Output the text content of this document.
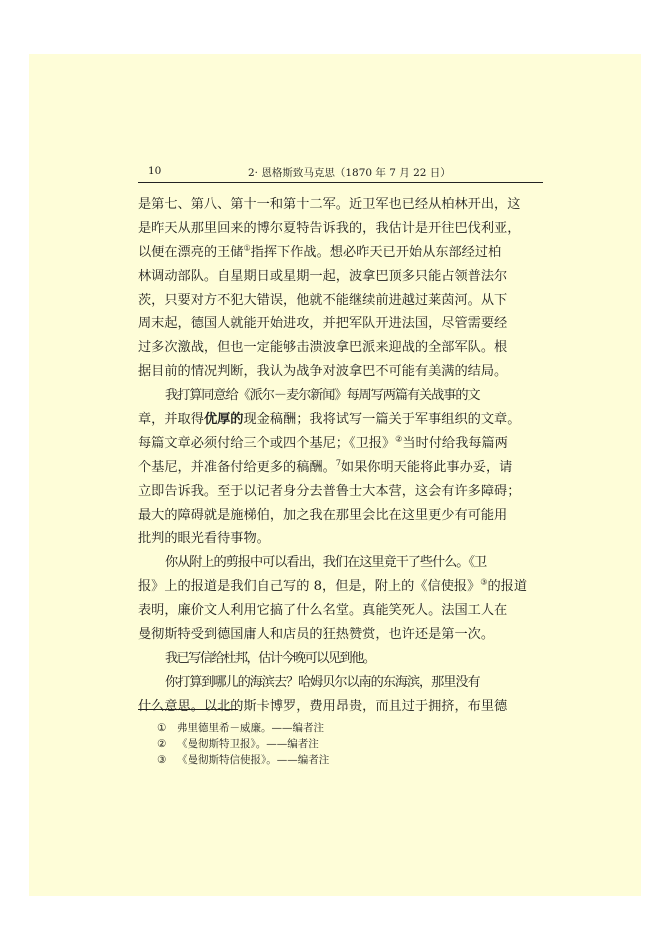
10	2· 恩格斯致马克思（1870 年 7 月 22 日）
是第七、第八、第十一和第十二军。近卫军也已经从柏林开出，这
是昨天从那里回来的博尔夏特告诉我的，我估计是开往巴伐利亚，
以便在漂亮的王储①指挥下作战。想必昨天已开始从东部经过柏
林调动部队。自星期日或星期一起，波拿巴顶多只能占领普法尔
茨，只要对方不犯大错误，他就不能继续前进越过莱茵河。从下
周末起，德国人就能开始进攻，并把军队开进法国，尽管需要经
过多次激战，但也一定能够击溃波拿巴派来迎战的全部军队。根
据目前的情况判断，我认为战争对波拿巴不可能有美满的结局。
我打算同意给《派尔－麦尔新闻》每周写两篇有关战事的文
章，并取得优厚的现金稿酬；我将试写一篇关于军事组织的文章。
每篇文章必须付给三个或四个基尼；《卫报》②当时付给我每篇两
个基尼，并准备付给更多的稿酬。$^7$如果你明天能将此事办妥，请
立即告诉我。至于以记者身分去普鲁士大本营，这会有许多障碍；
最大的障碍就是施梯伯，加之我在那里会比在这里更少有可能用
批判的眼光看待事物。
你从附上的剪报中可以看出，我们在这里竟干了些什么。《卫
报》上的报道是我们自己写的 8，但是，附上的《信使报》③的报道
表明，廉价文人利用它搞了什么名堂。真能笑死人。法国工人在
曼彻斯特受到德国庸人和店员的狂热赞赏，也许还是第一次。
我已写信给杜邦，估计今晚可以见到他。
你打算到哪儿的海滨去？哈姆贝尔以南的东海滨，那里没有
什么意思。以北的斯卡博罗，费用昂贵，而且过于拥挤，布里德
① 弗里德里希－威廉。——编者注
② 《曼彻斯特卫报》。——编者注
③ 《曼彻斯特信使报》。——编者注
